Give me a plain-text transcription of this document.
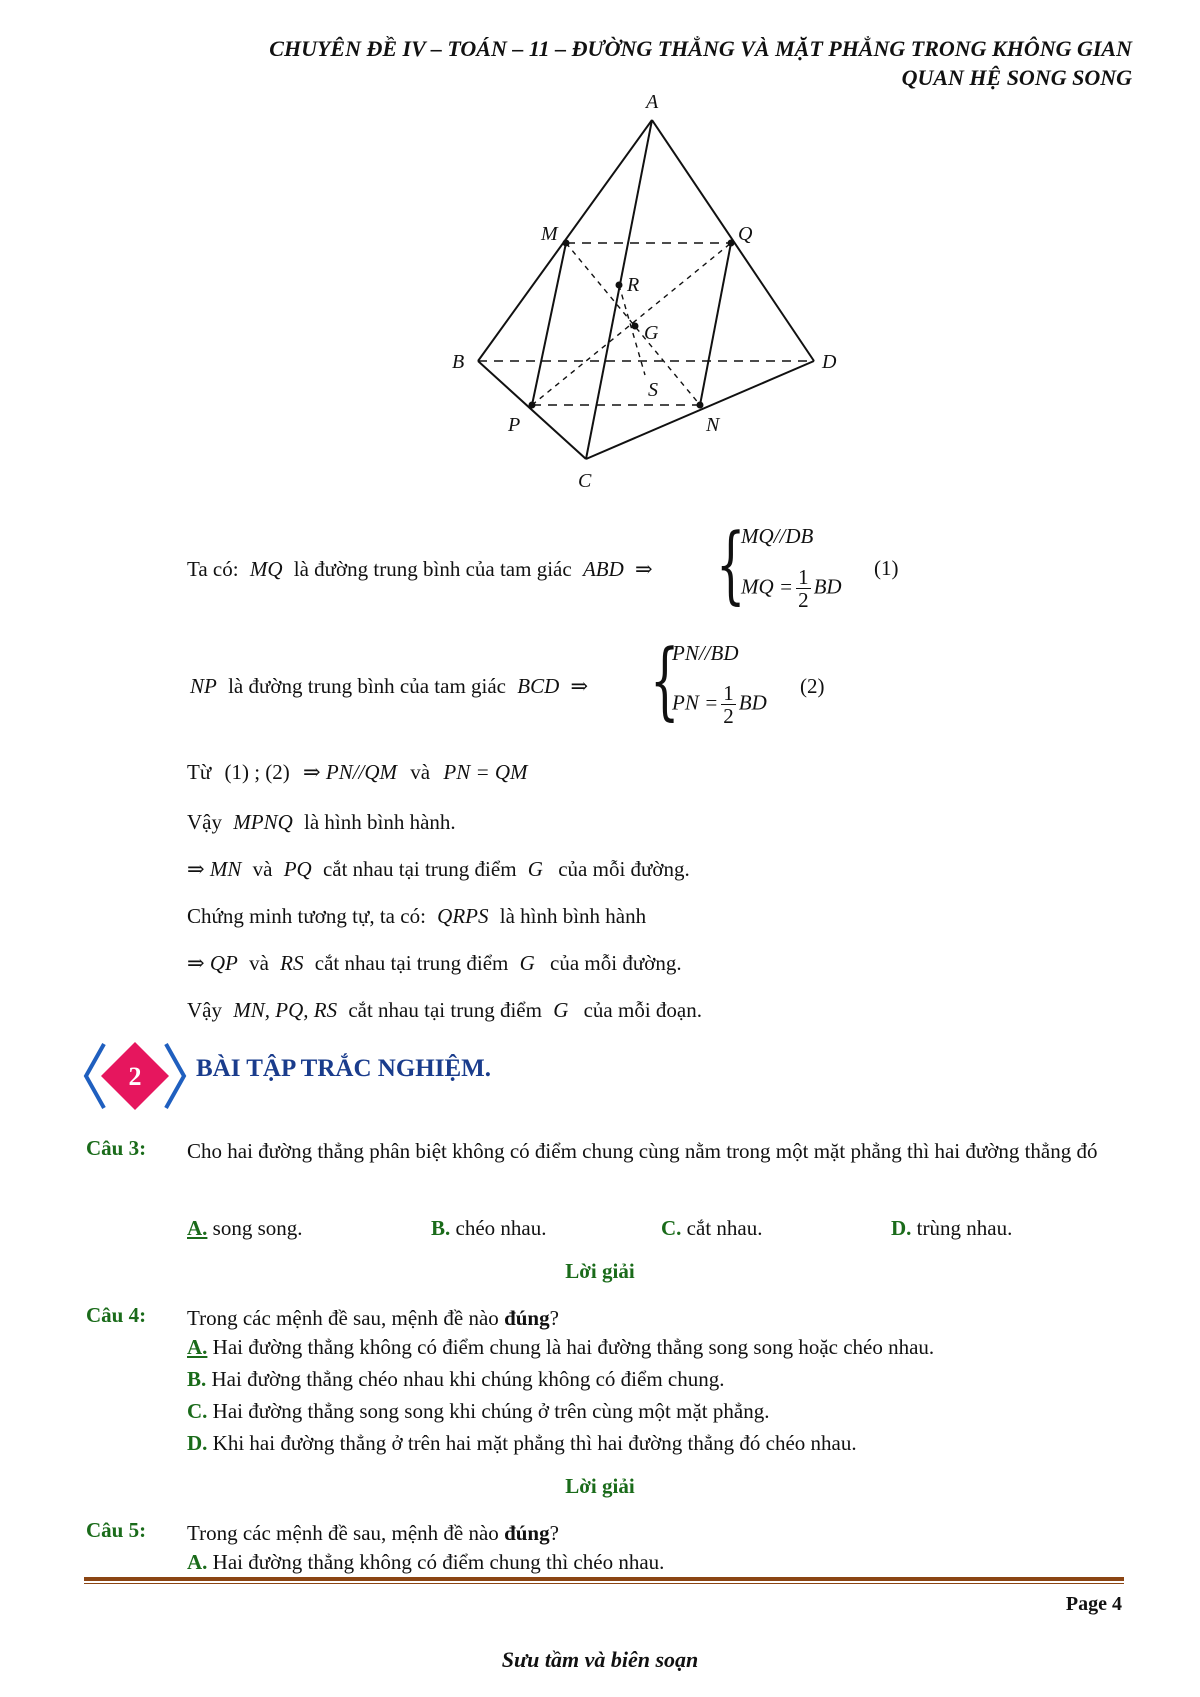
CHUYÊN ĐỀ IV – TOÁN – 11 – ĐƯỜNG THẲNG VÀ MẶT PHẲNG TRONG KHÔNG GIAN
QUAN HỆ SONG SONG
A
B
C
D
M	Q
P	N
R
G
S
Ta có: MQ là đường trung bình của tam giác ABD ⇒ {
MQ//DB
MQ = $\frac{1}{2}$ BD
(1)
NP là đường trung bình của tam giác BCD ⇒ {
PN//BD
PN = $\frac{1}{2}$ BD
(2)
Từ (1) ; (2) ⇒ PN//QM và PN = QM
Vậy MPNQ là hình bình hành.
⇒ MN và PQ cắt nhau tại trung điểm G của mỗi đường.
Chứng minh tương tự, ta có: QRPS là hình bình hành
⇒ QP và RS cắt nhau tại trung điểm G của mỗi đường.
Vậy MN, PQ, RS cắt nhau tại trung điểm G của mỗi đoạn.
2 BÀI TẬP TRẮC NGHIỆM.
Câu 3: Cho hai đường thẳng phân biệt không có điểm chung cùng nằm trong một mặt phẳng thì hai đường thẳng đó
A. song song.	B. chéo nhau.	C. cắt nhau.	D. trùng nhau.
Lời giải
Câu 4: Trong các mệnh đề sau, mệnh đề nào đúng?
A. Hai đường thẳng không có điểm chung là hai đường thẳng song song hoặc chéo nhau.
B. Hai đường thẳng chéo nhau khi chúng không có điểm chung.
C. Hai đường thẳng song song khi chúng ở trên cùng một mặt phẳng.
D. Khi hai đường thẳng ở trên hai mặt phẳng thì hai đường thẳng đó chéo nhau.
Lời giải
Câu 5: Trong các mệnh đề sau, mệnh đề nào đúng?
A. Hai đường thẳng không có điểm chung thì chéo nhau.
Page 4
Sưu tầm và biên soạn
